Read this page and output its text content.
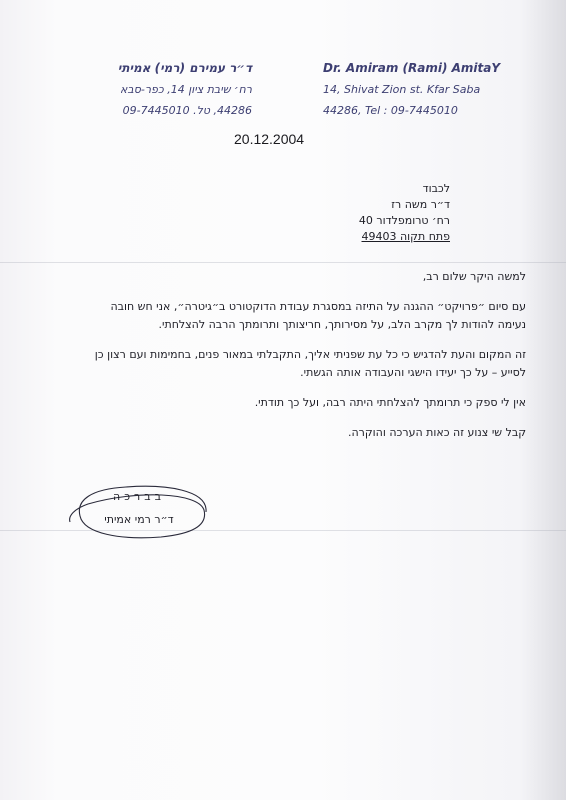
ד״ר עמירם (רמי) אמיתי
רח׳ שיבת ציון 14, כפר-סבא
44286, טל. 09-7445010
Dr. Amiram (Rami) AmitaY
14, Shivat Zion st. Kfar Saba
44286, Tel : 09-7445010
20.12.2004
לכבוד
ד״ר משה רז
רח׳ טרומפלדור 40
פתח תקוה 49403

למשה היקר שלום רב,

עם סיום ״פרויקט״ ההגנה על התיזה במסגרת עבודת הדוקטורט ב״גיטרה״, אני חש חובה נעימה להודות לך מקרב הלב, על מסירותך, חריצותך ותרומתך הרבה להצלחתי.

זה המקום והעת להדגיש כי כל עת שפניתי אליך, התקבלתי במאור פנים, בחמימות ועם רצון כן לסייע – על כך יעידו הישגי והעבודה אותה הגשתי.

אין לי ספק כי תרומתך להצלחתי היתה רבה, ועל כך תודתי.

קבל שי צנוע זה כאות הערכה והוקרה.

בברכה
ד״ר רמי אמיתי
